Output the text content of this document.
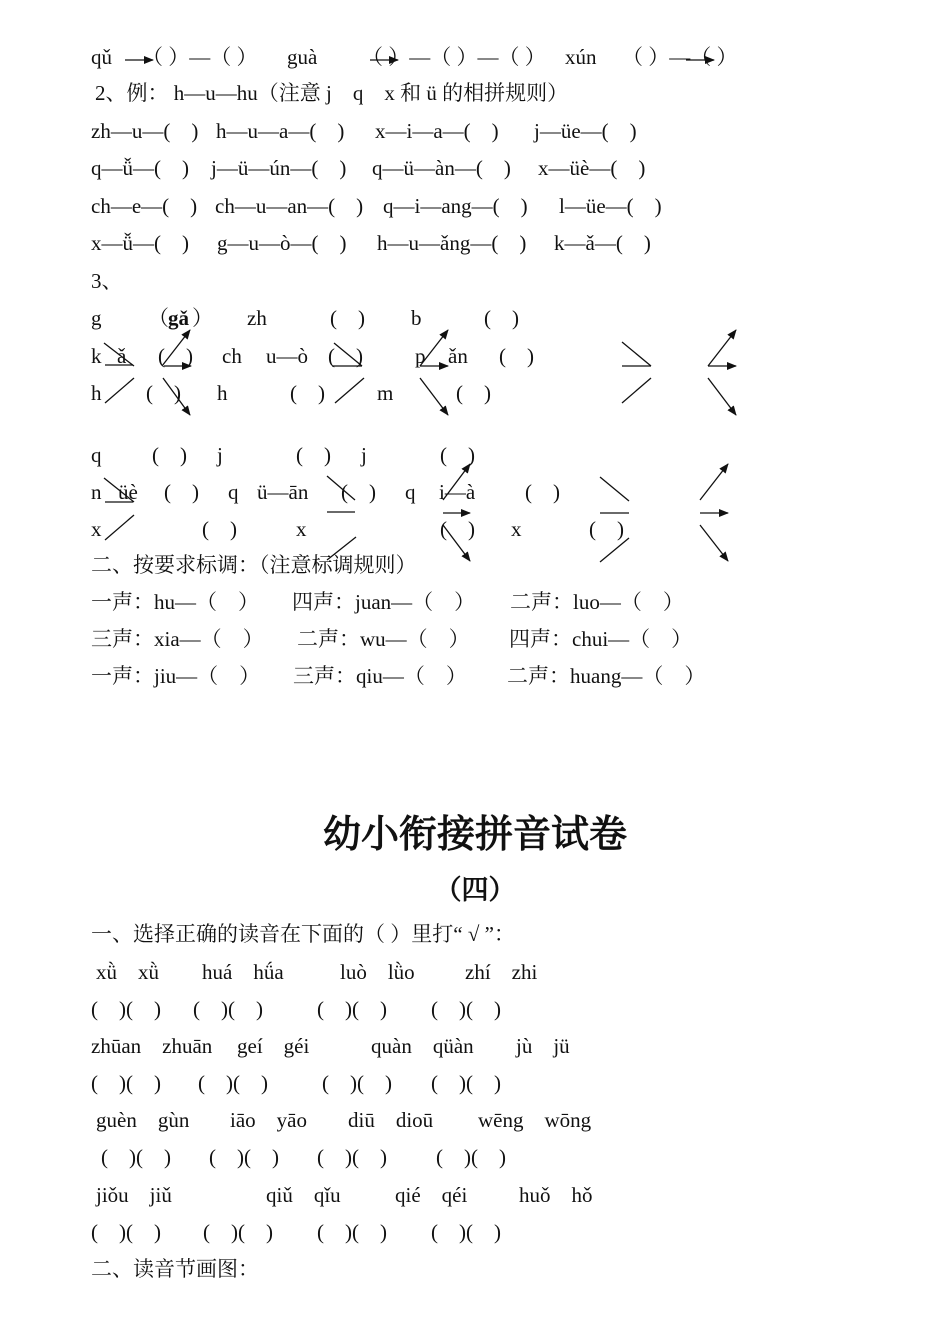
qǔ （ ）—（ ） guà （ ）—（ ）—（ ） xún （ ）—（ ）
2、例： h—u—hu（注意 j　q　x 和 ü 的相拼规则）
zh—u—(　) h—u—a—(　) x—i—a—(　) j—üe—(　)
q—ǚ—(　) j—ü—ún—(　) q—ü—àn—(　) x—üè—(　)
ch—e—(　) ch—u—an—(　) q—i—ang—(　) l—üe—(　)
x—ǚ—(　) g—u—ò—(　) h—u—ǎng—(　) k—ǎ—(　)
3、
g （ gǎ ） zh	(　) b	(　)
k ǎ (　) ch u—ò (　) p ǎn (　)
h (　) h	(　) m	(　)
q (　) j	(　) j	(　)
n üè (　) q ü—ān (　) q i—à (　)
x	(　)	x	(　) x	(　)
二、按要求标调：（注意标调规则）
一声：hu—（　） 四声：juan—（　） 二声：luo—（　）
三声：xia—（　） 二声：wu—（　） 四声：chui—（　）
一声：jiu—（　） 三声：qiu—（　） 二声：huang—（　）
幼小衔接拼音试卷
（四）
一、选择正确的读音在下面的（ ）里打“ √ ”：
xǜ　xǜ huá　hǘa	luò　lǜo zhí　zhi
(　)(　) (　)(　)	(　)(　) (　)(　)
zhūan　zhuān geí　géi	quàn　qüàn jù　jü
(　)(　) (　)(　)	(　)(　) (　)(　)
guèn　gùn iāo　yāo diū　dioū wēng　wōng
(　)(　) (　)(　) (　)(　) (　)(　)
jiǒu　jiǔ	qiǔ　qǐu	qié　qéi huǒ　hǒ
(　)(　) (　)(　) (　)(　) (　)(　)
二、读音节画图：
